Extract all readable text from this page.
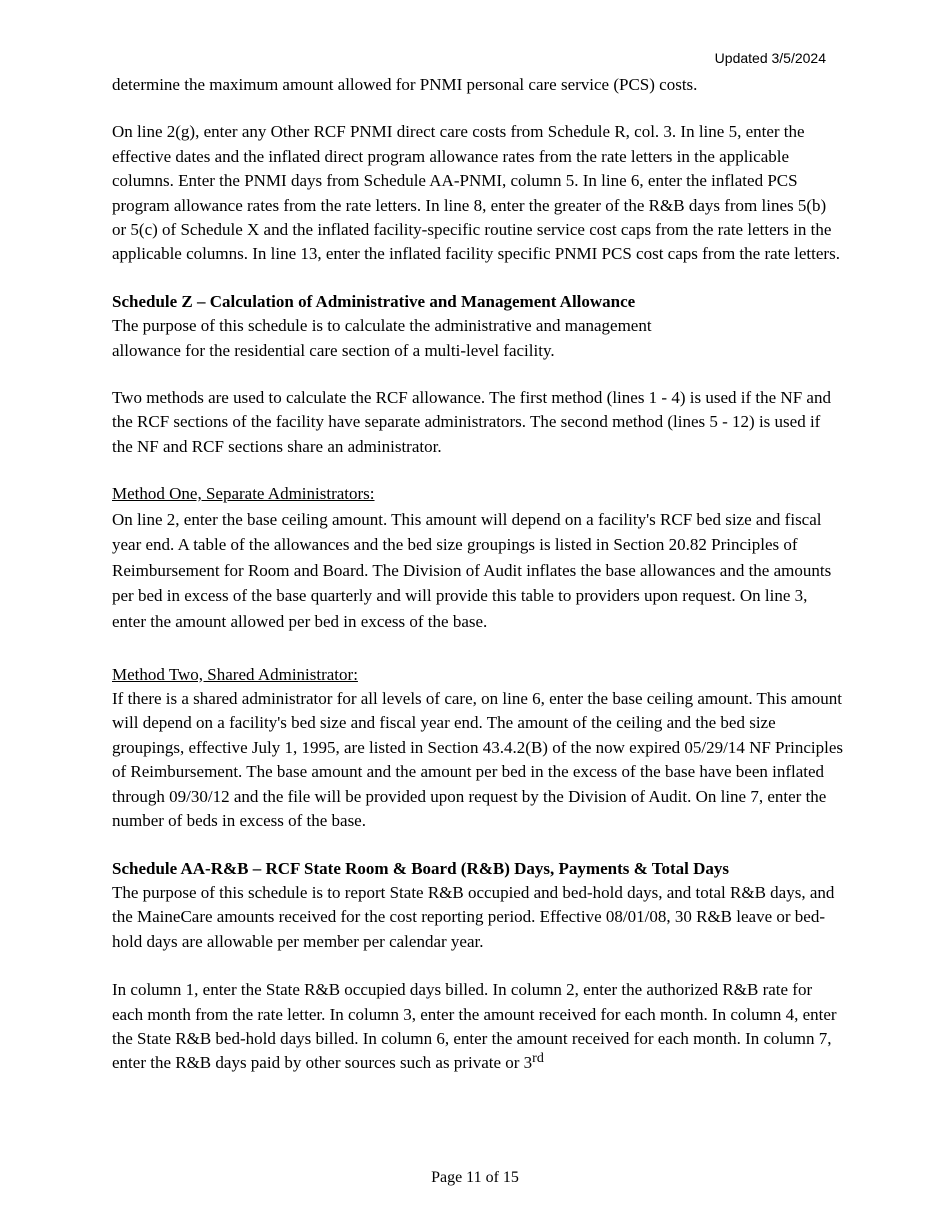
Updated 3/5/2024

determine the maximum amount allowed for PNMI personal care service (PCS) costs.

On line 2(g), enter any Other RCF PNMI direct care costs from Schedule R, col. 3. In line 5, enter the effective dates and the inflated direct program allowance rates from the rate letters in the applicable columns. Enter the PNMI days from Schedule AA-PNMI, column 5. In line 6, enter the inflated PCS program allowance rates from the rate letters. In line 8, enter the greater of the R&B days from lines 5(b) or 5(c) of Schedule X and the inflated facility-specific routine service cost caps from the rate letters in the applicable columns. In line 13, enter the inflated facility specific PNMI PCS cost caps from the rate letters.

Schedule Z – Calculation of Administrative and Management Allowance

The purpose of this schedule is to calculate the administrative and management

allowance for the residential care section of a multi-level facility.

Two methods are used to calculate the RCF allowance. The first method (lines 1 - 4) is used if the NF and the RCF sections of the facility have separate administrators. The second method (lines 5 - 12) is used if the NF and RCF sections share an administrator.

Method One, Separate Administrators:

On line 2, enter the base ceiling amount. This amount will depend on a facility's RCF bed size and fiscal year end. A table of the allowances and the bed size groupings is listed in Section 20.82 Principles of Reimbursement for Room and Board. The Division of Audit inflates the base allowances and the amounts per bed in excess of the base quarterly and will provide this table to providers upon request. On line 3, enter the amount allowed per bed in excess of the base.

Method Two, Shared Administrator:

If there is a shared administrator for all levels of care, on line 6, enter the base ceiling amount. This amount will depend on a facility's bed size and fiscal year end. The amount of the ceiling and the bed size groupings, effective July 1, 1995, are listed in Section 43.4.2(B) of the now expired 05/29/14 NF Principles of Reimbursement. The base amount and the amount per bed in the excess of the base have been inflated through 09/30/12 and the file will be provided upon request by the Division of Audit. On line 7, enter the number of beds in excess of the base.

Schedule AA-R&B – RCF State Room & Board (R&B) Days, Payments & Total Days

The purpose of this schedule is to report State R&B occupied and bed-hold days, and total R&B days, and the MaineCare amounts received for the cost reporting period. Effective 08/01/08, 30 R&B leave or bed- hold days are allowable per member per calendar year.

In column 1, enter the State R&B occupied days billed. In column 2, enter the authorized R&B rate for each month from the rate letter. In column 3, enter the amount received for each month. In column 4, enter the State R&B bed-hold days billed. In column 6, enter the amount received for each month. In column 7, enter the R&B days paid by other sources such as private or 3rd

Page 11 of 15
